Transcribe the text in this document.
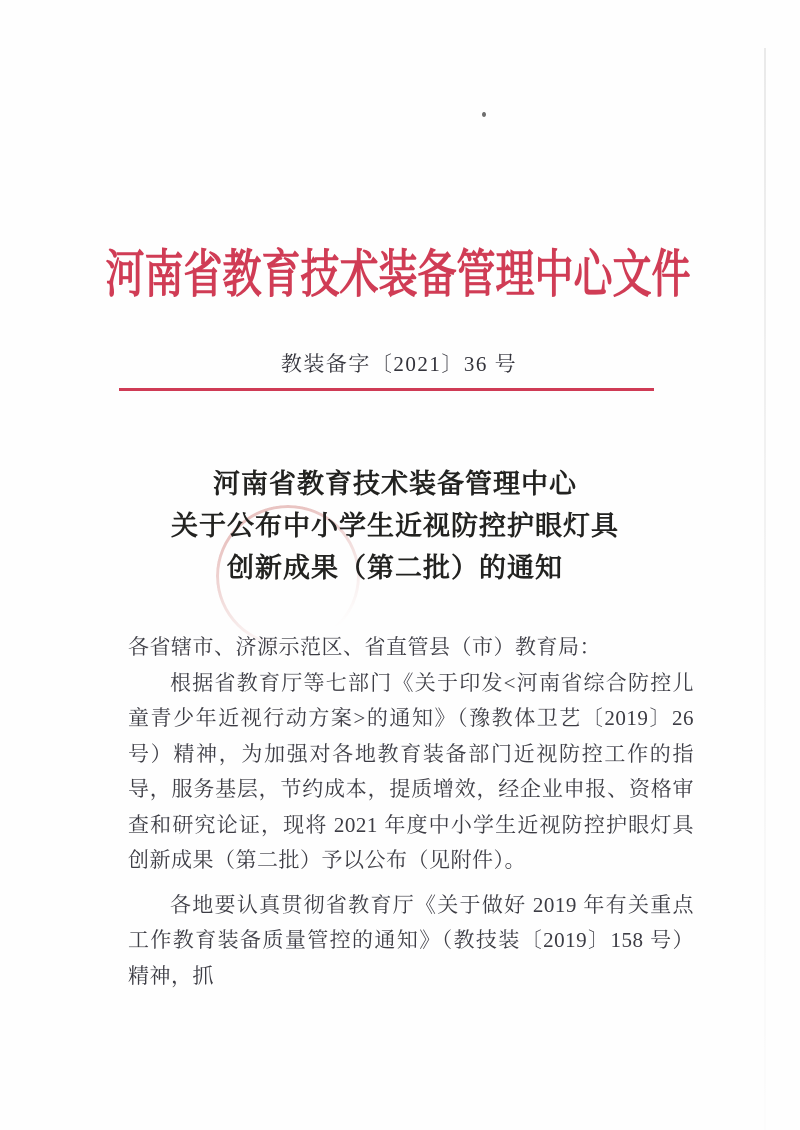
河南省教育技术装备管理中心文件
教装备字〔2021〕36 号
河南省教育技术装备管理中心
关于公布中小学生近视防控护眼灯具
创新成果（第二批）的通知

各省辖市、济源示范区、省直管县（市）教育局：

根据省教育厅等七部门《关于印发<河南省综合防控儿童青少年近视行动方案>的通知》（豫教体卫艺〔2019〕26 号）精神，为加强对各地教育装备部门近视防控工作的指导，服务基层，节约成本，提质增效，经企业申报、资格审查和研究论证，现将 2021 年度中小学生近视防控护眼灯具创新成果（第二批）予以公布（见附件）。

各地要认真贯彻省教育厅《关于做好 2019 年有关重点工作教育装备质量管控的通知》（教技装〔2019〕158 号）精神，抓
